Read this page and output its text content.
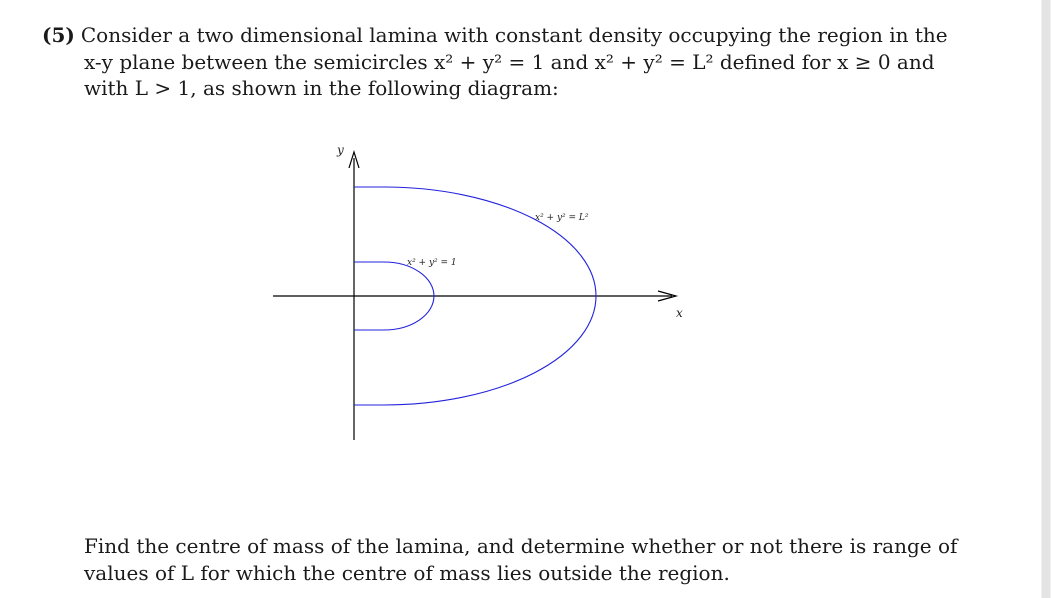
(5) Consider a two dimensional lamina with constant density occupying the region in the
x-y plane between the semicircles x² + y² = 1 and x² + y² = L² defined for x ≥ 0 and
with L > 1, as shown in the following diagram:
y
x
x² + y² = 1
x² + y² = L²
Find the centre of mass of the lamina, and determine whether or not there is range of
values of L for which the centre of mass lies outside the region.
